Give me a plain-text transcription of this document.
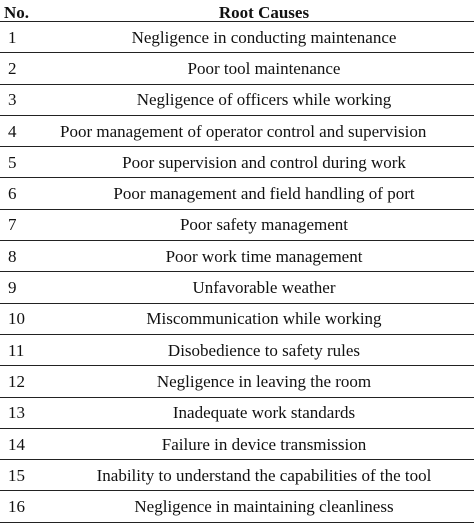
No.	Root Causes
1	Negligence in conducting maintenance
2	Poor tool maintenance
3	Negligence of officers while working
4	Poor management of operator control and supervision
5	Poor supervision and control during work
6	Poor management and field handling of port
7	Poor safety management
8	Poor work time management
9	Unfavorable weather
10	Miscommunication while working
11	Disobedience to safety rules
12	Negligence in leaving the room
13	Inadequate work standards
14	Failure in device transmission
15	Inability to understand the capabilities of the tool
16	Negligence in maintaining cleanliness
